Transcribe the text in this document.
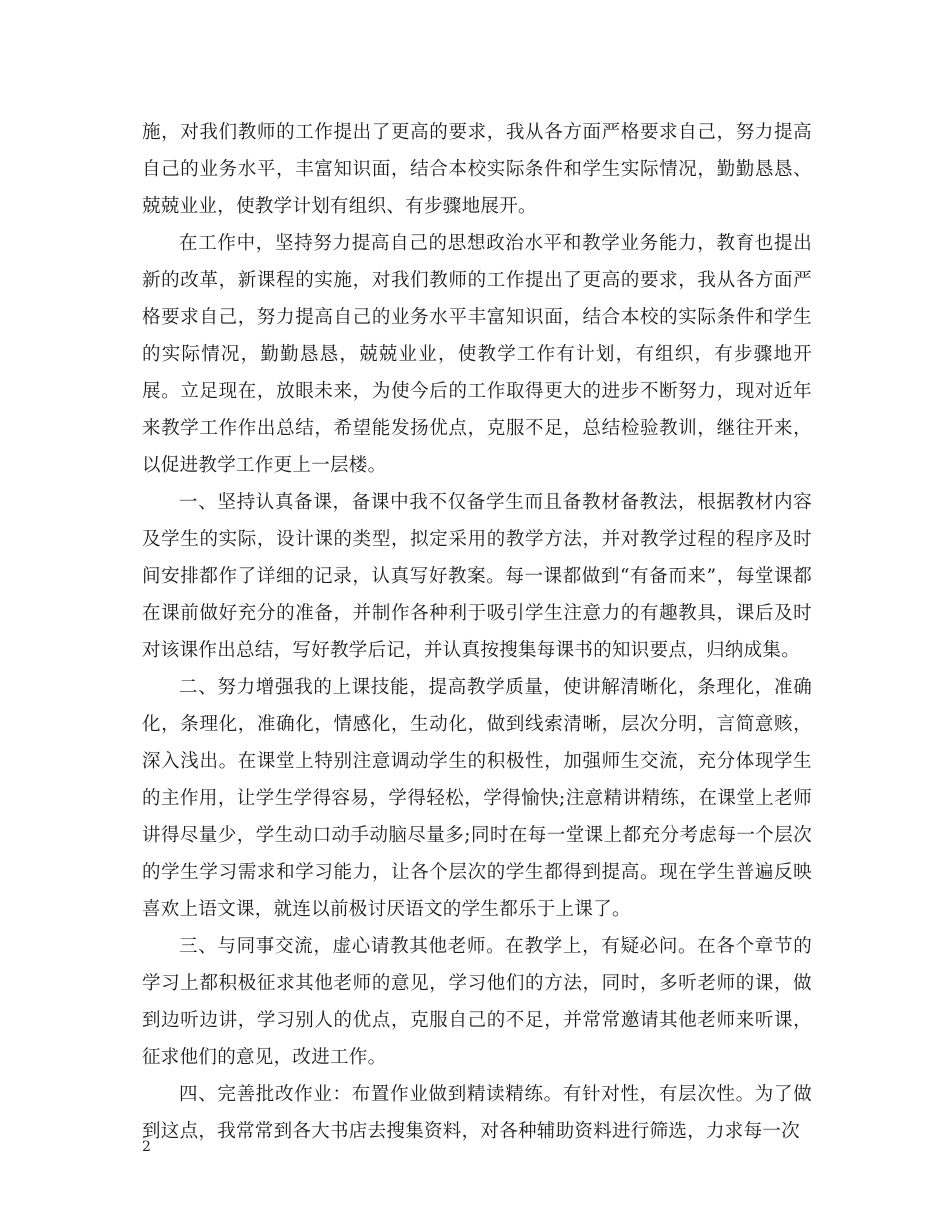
施，对我们教师的工作提出了更高的要求，我从各方面严格要求自己，努力提高自己的业务水平，丰富知识面，结合本校实际条件和学生实际情况，勤勤恳恳、兢兢业业，使教学计划有组织、有步骤地展开。

在工作中，坚持努力提高自己的思想政治水平和教学业务能力，教育也提出新的改革，新课程的实施，对我们教师的工作提出了更高的要求，我从各方面严格要求自己，努力提高自己的业务水平丰富知识面，结合本校的实际条件和学生的实际情况，勤勤恳恳，兢兢业业，使教学工作有计划，有组织，有步骤地开展。立足现在，放眼未来，为使今后的工作取得更大的进步不断努力，现对近年来教学工作作出总结，希望能发扬优点，克服不足，总结检验教训，继往开来，以促进教学工作更上一层楼。

一、坚持认真备课，备课中我不仅备学生而且备教材备教法，根据教材内容及学生的实际，设计课的类型，拟定采用的教学方法，并对教学过程的程序及时间安排都作了详细的记录，认真写好教案。每一课都做到“有备而来”，每堂课都在课前做好充分的准备，并制作各种利于吸引学生注意力的有趣教具，课后及时对该课作出总结，写好教学后记，并认真按搜集每课书的知识要点，归纳成集。

二、努力增强我的上课技能，提高教学质量，使讲解清晰化，条理化，准确化，条理化，准确化，情感化，生动化，做到线索清晰，层次分明，言简意赅，深入浅出。在课堂上特别注意调动学生的积极性，加强师生交流，充分体现学生的主作用，让学生学得容易，学得轻松，学得愉快;注意精讲精练，在课堂上老师讲得尽量少，学生动口动手动脑尽量多;同时在每一堂课上都充分考虑每一个层次的学生学习需求和学习能力，让各个层次的学生都得到提高。现在学生普遍反映喜欢上语文课，就连以前极讨厌语文的学生都乐于上课了。

三、与同事交流，虚心请教其他老师。在教学上，有疑必问。在各个章节的学习上都积极征求其他老师的意见，学习他们的方法，同时，多听老师的课，做到边听边讲，学习别人的优点，克服自己的不足，并常常邀请其他老师来听课，征求他们的意见，改进工作。

四、完善批改作业：布置作业做到精读精练。有针对性，有层次性。为了做到这点，我常常到各大书店去搜集资料，对各种辅助资料进行筛选，力求每一次

2
